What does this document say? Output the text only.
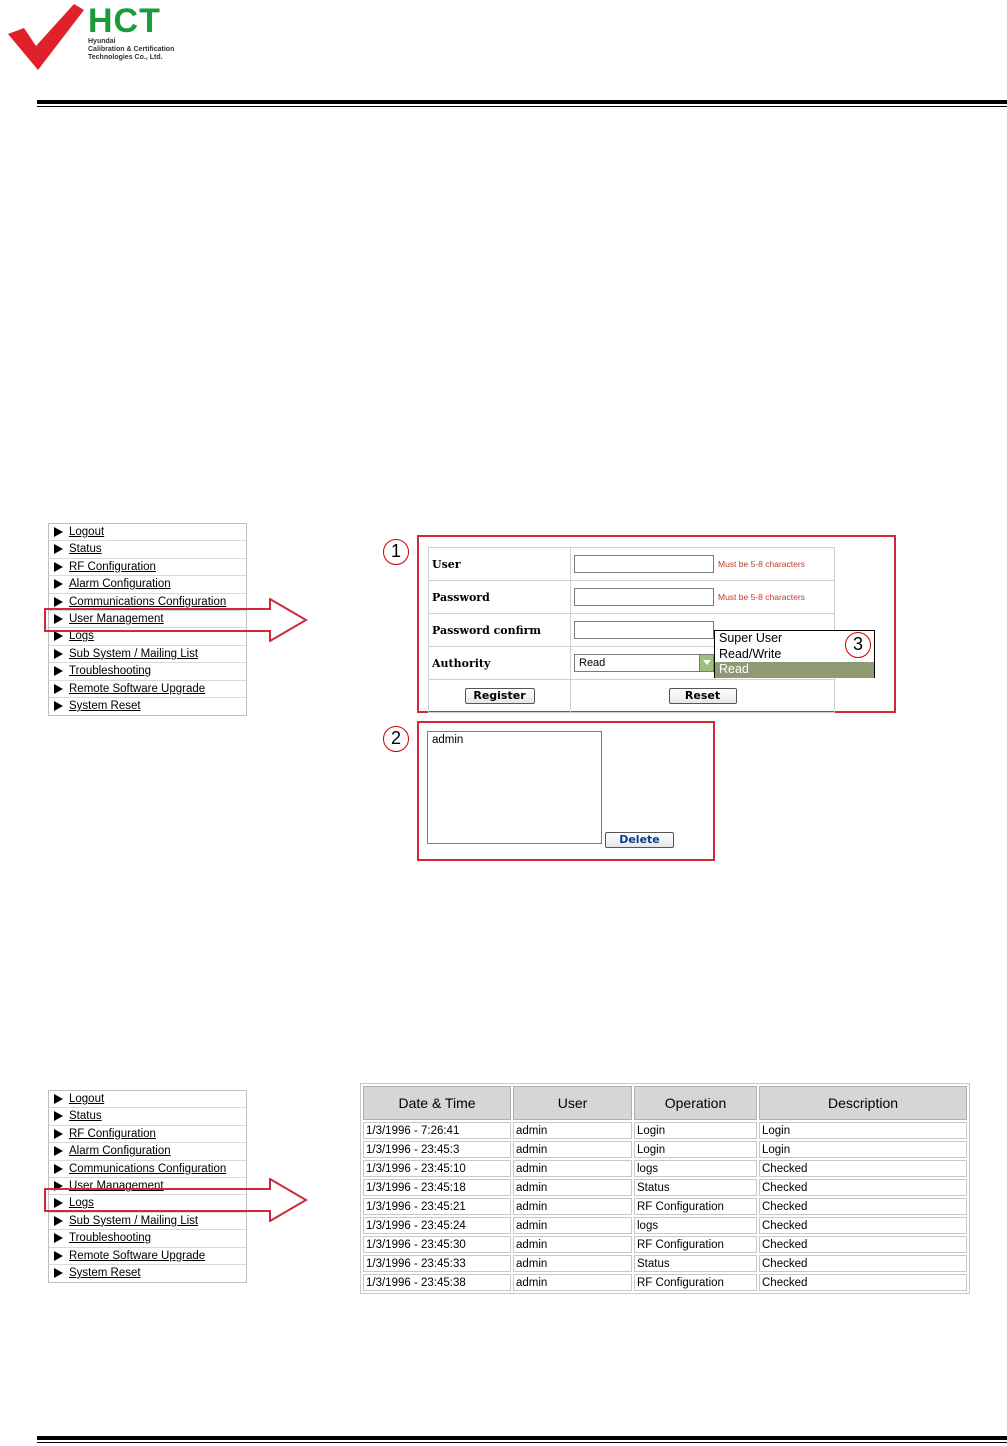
HCT
Hyundai
Calibration & Certification
Technologies Co., Ltd.
Logout
Status
RF Configuration
Alarm Configuration
Communications Configuration
User Management
Logs
Sub System / Mailing List
Troubleshooting
Remote Software Upgrade
System Reset
1
User	Must be 5-8 characters
Password	Must be 5-8 characters
Password confirm	
Authority	Read

Register	Reset
Super User
Read/Write
Read
3
2	admin
Delete
Logout
Status
RF Configuration
Alarm Configuration
Communications Configuration
User Management
Logs
Sub System / Mailing List
Troubleshooting
Remote Software Upgrade
System Reset
Date & Time	User	Operation	Description
1/3/1996 - 7:26:41	admin	Login	Login
1/3/1996 - 23:45:3	admin	Login	Login
1/3/1996 - 23:45:10	admin	logs	Checked
1/3/1996 - 23:45:18	admin	Status	Checked
1/3/1996 - 23:45:21	admin	RF Configuration	Checked
1/3/1996 - 23:45:24	admin	logs	Checked
1/3/1996 - 23:45:30	admin	RF Configuration	Checked
1/3/1996 - 23:45:33	admin	Status	Checked
1/3/1996 - 23:45:38	admin	RF Configuration	Checked
